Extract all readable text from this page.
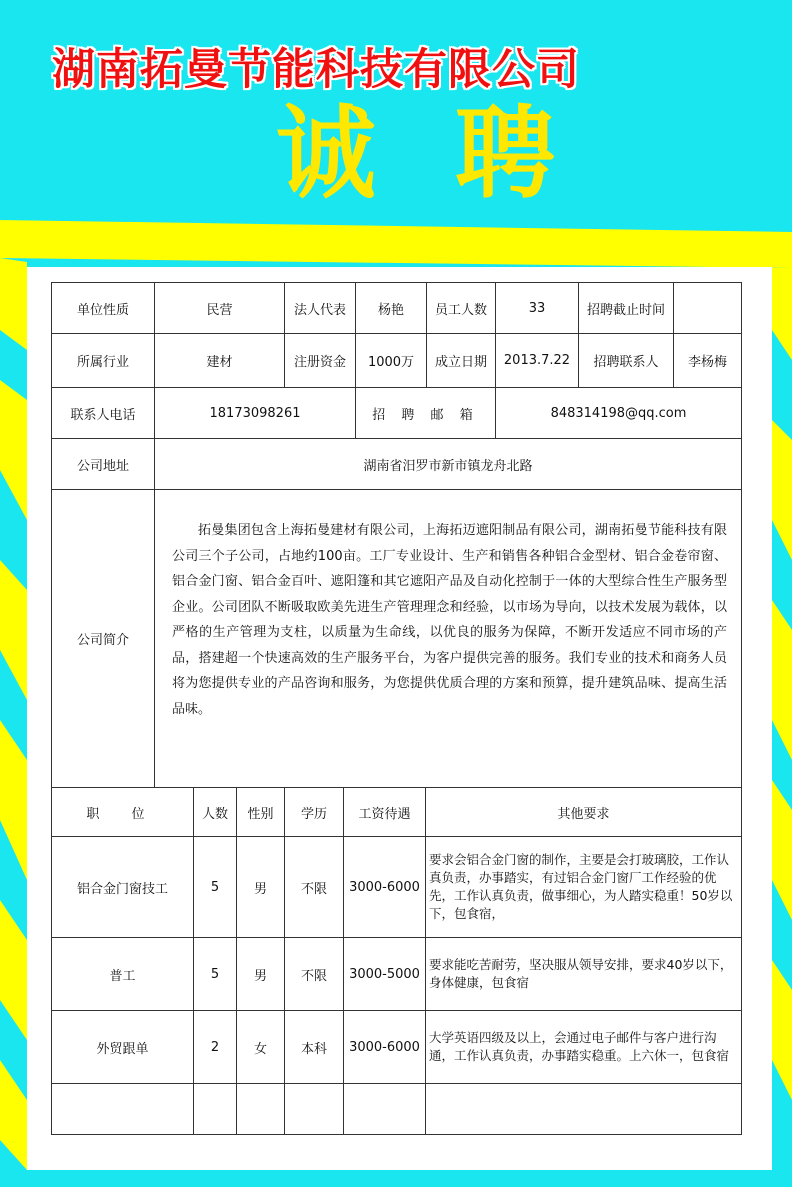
湖南拓曼节能科技有限公司
诚 聘
单位性质	民营	法人代表	杨艳	员工人数	33	招聘截止时间	
所属行业	建材	注册资金	1000万	成立日期	2013.7.22	招聘联系人	李杨梅
联系人电话	18173098261		招 聘 邮 箱		848314198@qq.com		
公司地址	湖南省汨罗市新市镇龙舟北路						
公司简介	拓曼集团包含上海拓曼建材有限公司，上海拓迈遮阳制品有限公司，湖南拓曼节能科技有限公司三个子公司，占地约100亩。工厂专业设计、生产和销售各种铝合金型材、铝合金卷帘窗、铝合金门窗、铝合金百叶、遮阳篷和其它遮阳产品及自动化控制于一体的大型综合性生产服务型企业。公司团队不断吸取欧美先进生产管理理念和经验，以市场为导向，以技术发展为载体，以严格的生产管理为支柱，以质量为生命线，以优良的服务为保障，不断开发适应不同市场的产品，搭建超一个快速高效的生产服务平台，为客户提供完善的服务。我们专业的技术和商务人员将为您提供专业的产品咨询和服务，为您提供优质合理的方案和预算，提升建筑品味、提高生活品味。						
职 位	人数	性别	学历	工资待遇	其他要求
铝合金门窗技工	5	男	不限	3000-6000	要求会铝合金门窗的制作，主要是会打玻璃胶，工作认真负责，办事踏实，有过铝合金门窗厂工作经验的优先，工作认真负责，做事细心，为人踏实稳重！50岁以下，包食宿，
普工	5	男	不限	3000-5000	要求能吃苦耐劳，坚决服从领导安排，要求40岁以下，身体健康，包食宿
外贸跟单	2	女	本科	3000-6000	大学英语四级及以上，会通过电子邮件与客户进行沟通，工作认真负责，办事踏实稳重。上六休一，包食宿
